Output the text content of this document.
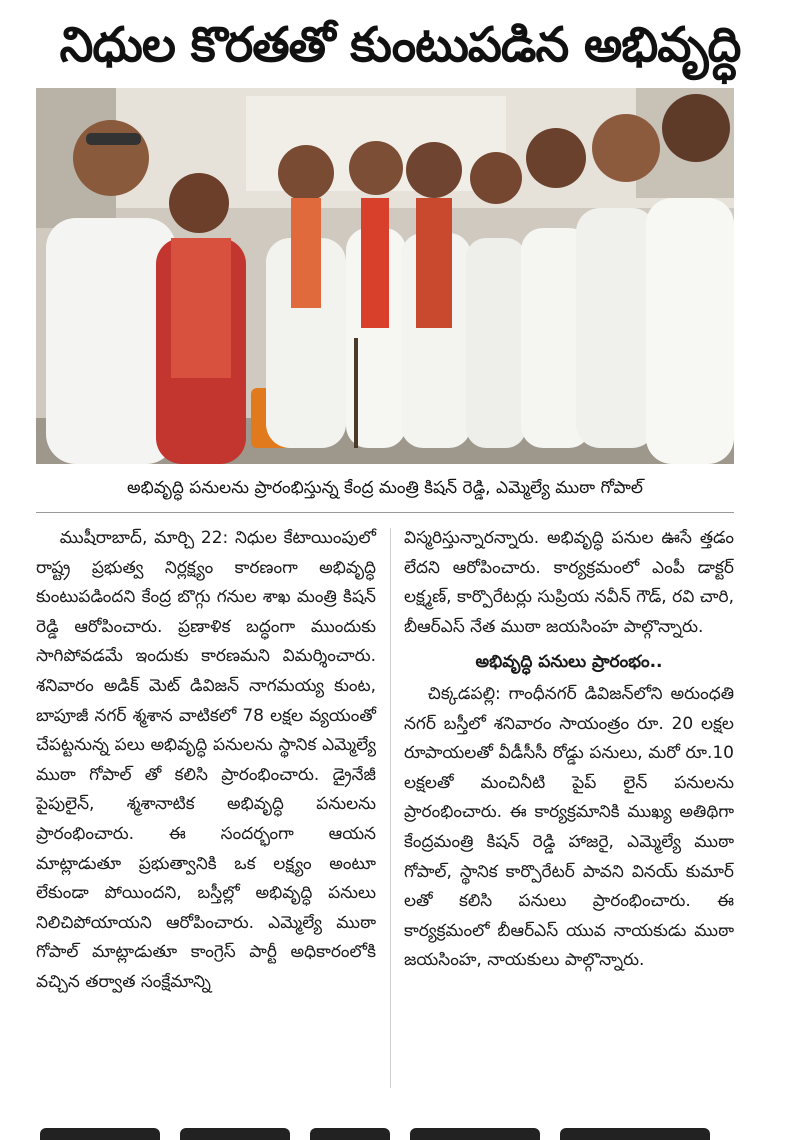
నిధుల కొరతతో కుంటుపడిన అభివృద్ధి
అభివృద్ధి పనులను ప్రారంభిస్తున్న కేంద్ర మంత్రి కిషన్ రెడ్డి, ఎమ్మెల్యే ముఠా గోపాల్

ముషీరాబాద్, మార్చి 22: నిధుల కేటాయింపులో రాష్ట్ర ప్రభుత్వ నిర్లక్ష్యం కారణంగా అభివృద్ధి కుంటుపడిందని కేంద్ర బొగ్గు గనుల శాఖ మంత్రి కిషన్ రెడ్డి ఆరోపించారు. ప్రణాళిక బద్ధంగా ముందుకు సాగిపోవడమే ఇందుకు కారణమని విమర్శించారు. శనివారం అడిక్ మెట్ డివిజన్ నాగమయ్య కుంట, బాపూజీ నగర్ శ్మశాన వాటికలో 78 లక్షల వ్యయంతో చేపట్టనున్న పలు అభివృద్ధి పనులను స్థానిక ఎమ్మెల్యే ముఠా గోపాల్ తో కలిసి ప్రారంభించారు. డ్రైనేజీ పైపులైన్, శ్మశానాటిక అభివృద్ధి పనులను ప్రారంభించారు. ఈ సందర్భంగా ఆయన మాట్లాడుతూ ప్రభుత్వానికి ఒక లక్ష్యం అంటూ లేకుండా పోయిందని, బస్తీల్లో అభివృద్ధి పనులు నిలిచిపోయాయని ఆరోపించారు. ఎమ్మెల్యే ముఠా గోపాల్ మాట్లాడుతూ కాంగ్రెస్ పార్టీ అధికారంలోకి వచ్చిన తర్వాత సంక్షేమాన్ని

విస్మరిస్తున్నారన్నారు. అభివృద్ధి పనుల ఊసే త్తడం లేదని ఆరోపించారు. కార్యక్రమంలో ఎంపీ డాక్టర్ లక్ష్మణ్, కార్పొరేటర్లు సుప్రియ నవీన్ గౌడ్, రవి చారి, బీఆర్ఎస్ నేత ముఠా జయసింహ పాల్గొన్నారు.

అభివృద్ధి పనులు ప్రారంభం..

చిక్కడపల్లి: గాంధీనగర్ డివిజన్‌లోని అరుంధతి నగర్ బస్తీలో శనివారం సాయంత్రం రూ. 20 లక్షల రూపాయలతో వీడీసీసీ రోడ్డు పనులు, మరో రూ.10 లక్షలతో మంచినీటి పైప్ లైన్ పనులను ప్రారంభించారు. ఈ కార్యక్రమానికి ముఖ్య అతిథిగా కేంద్రమంత్రి కిషన్ రెడ్డి హాజరై, ఎమ్మెల్యే ముఠా గోపాల్, స్థానిక కార్పొరేటర్ పావని వినయ్ కుమార్ లతో కలిసి పనులు ప్రారంభించారు. ఈ కార్యక్రమంలో బీఆర్ఎస్ యువ నాయకుడు ముఠా జయసింహ, నాయకులు పాల్గొన్నారు.
